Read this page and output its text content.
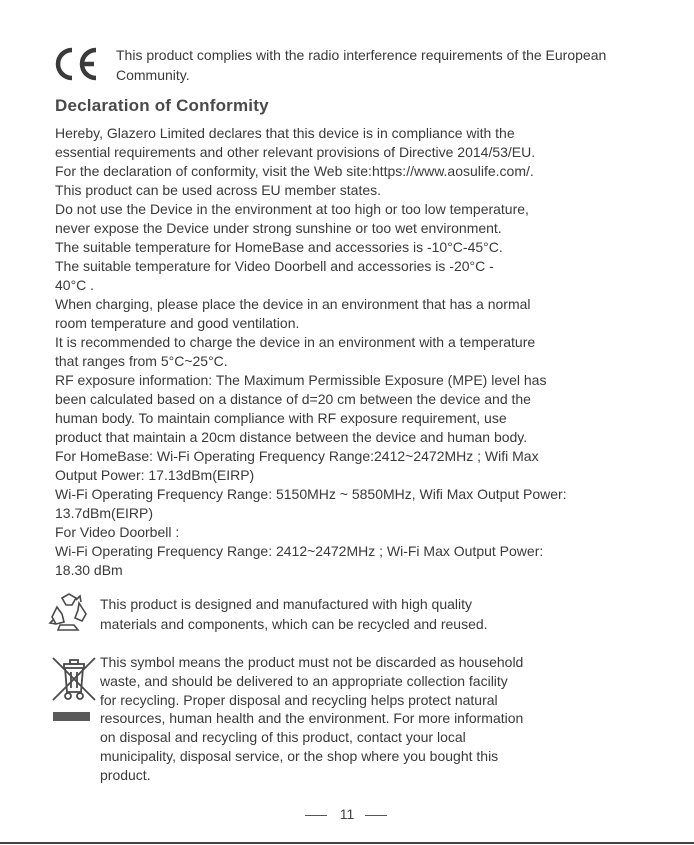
This product complies with the radio interference requirements of the European Community.
Declaration of Conformity
Hereby, Glazero Limited declares that this device is in compliance with the
essential requirements and other relevant provisions of Directive 2014/53/EU.
For the declaration of conformity, visit the Web site:https://www.aosulife.com/.
This product can be used across EU member states.
Do not use the Device in the environment at too high or too low temperature,
never expose the Device under strong sunshine or too wet environment.
The suitable temperature for HomeBase and accessories is -10°C-45°C.
The suitable temperature for Video Doorbell and accessories is -20°C -
40°C .
When charging, please place the device in an environment that has a normal
room temperature and good ventilation.
It is recommended to charge the device in an environment with a temperature
that ranges from 5°C~25°C.
RF exposure information: The Maximum Permissible Exposure (MPE) level has
been calculated based on a distance of d=20 cm between the device and the
human body. To maintain compliance with RF exposure requirement, use
product that maintain a 20cm distance between the device and human body.
For HomeBase: Wi-Fi Operating Frequency Range:2412~2472MHz ; Wifi Max
Output Power: 17.13dBm(EIRP)
Wi-Fi Operating Frequency Range: 5150MHz ~ 5850MHz, Wifi Max Output Power:
13.7dBm(EIRP)
For Video Doorbell :
Wi-Fi Operating Frequency Range: 2412~2472MHz ; Wi-Fi Max Output Power:
18.30 dBm
This product is designed and manufactured with high quality
materials and components, which can be recycled and reused.
This symbol means the product must not be discarded as household
waste, and should be delivered to an appropriate collection facility
for recycling. Proper disposal and recycling helps protect natural
resources, human health and the environment. For more information
on disposal and recycling of this product, contact your local
municipality, disposal service, or the shop where you bought this
product.
11
